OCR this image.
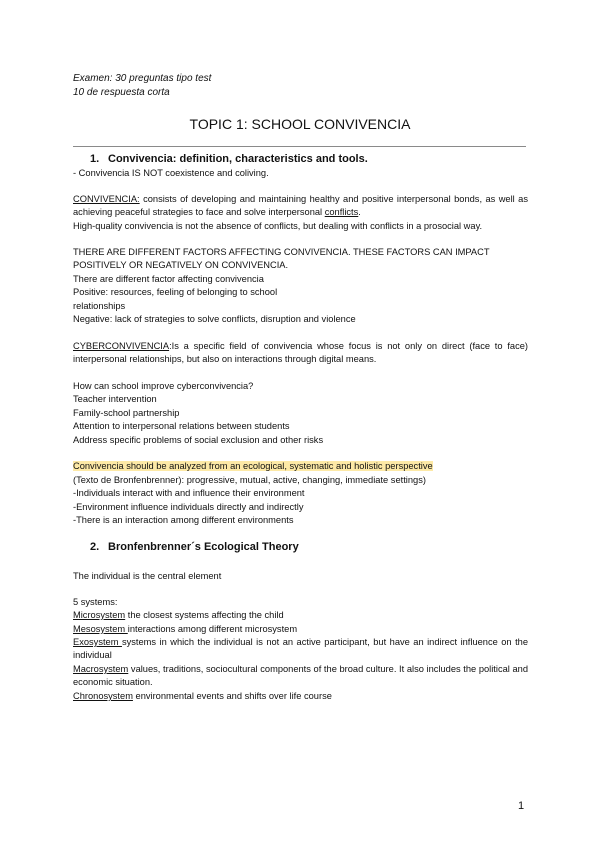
Examen: 30 preguntas tipo test
10 de respuesta corta
TOPIC 1: SCHOOL CONVIVENCIA
1. Convivencia: definition, characteristics and tools.
- Convivencia IS NOT coexistence and coliving.
CONVIVENCIA: consists of developing and maintaining healthy and positive interpersonal bonds, as well as achieving peaceful strategies to face and solve interpersonal conflicts.
High-quality convivencia is not the absence of conflicts, but dealing with conflicts in a prosocial way.
THERE ARE DIFFERENT FACTORS AFFECTING CONVIVENCIA. THESE FACTORS CAN IMPACT
POSITIVELY OR NEGATIVELY ON CONVIVENCIA.
There are different factor affecting convivencia
Positive: resources, feeling of belonging to school
relationships
Negative: lack of strategies to solve conflicts, disruption and violence
CYBERCONVIVENCIA:Is a specific field of convivencia whose focus is not only on direct (face to face) interpersonal relationships, but also on interactions through digital means.
How can school improve cyberconvivencia?
Teacher intervention
Family-school partnership
Attention to interpersonal relations between students
Address specific problems of social exclusion and other risks
Convivencia should be analyzed from an ecological, systematic and holistic perspective
(Texto de Bronfenbrenner): progressive, mutual, active, changing, immediate settings)
-Individuals interact with and influence their environment
-Environment influence individuals directly and indirectly
-There is an interaction among different environments
2. Bronfenbrenner´s Ecological Theory
The individual is the central element
5 systems:
Microsystem the closest systems affecting the child
Mesosystem interactions among different microsystem
Exosystem systems in which the individual is not an active participant, but have an indirect influence on the individual
Macrosystem values, traditions, sociocultural components of the broad culture. It also includes the political and economic situation.
Chronosystem environmental events and shifts over life course
1
